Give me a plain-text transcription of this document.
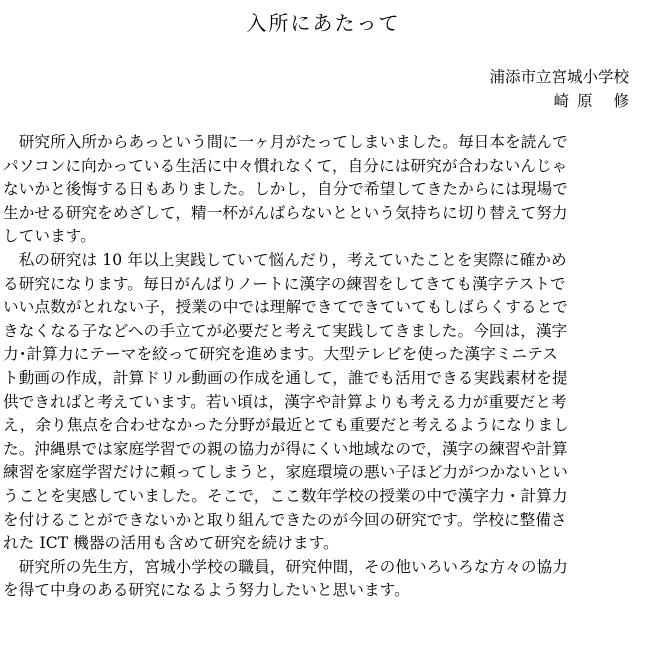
入所にあたって
浦添市立宮城小学校
崎原 修
　研究所入所からあっという間に一ヶ月がたってしまいました。毎日本を読んで
パソコンに向かっている生活に中々慣れなくて，自分には研究が合わないんじゃ
ないかと後悔する日もありました。しかし，自分で希望してきたからには現場で
生かせる研究をめざして，精一杯がんばらないとという気持ちに切り替えて努力
しています。
　私の研究は 10 年以上実践していて悩んだり，考えていたことを実際に確かめ
る研究になります。毎日がんばりノートに漢字の練習をしてきても漢字テストで
いい点数がとれない子，授業の中では理解できてできていてもしばらくするとで
きなくなる子などへの手立てが必要だと考えて実践してきました。今回は，漢字
力･計算力にテーマを絞って研究を進めます。大型テレビを使った漢字ミニテス
ト動画の作成，計算ドリル動画の作成を通して，誰でも活用できる実践素材を提
供できればと考えています。若い頃は，漢字や計算よりも考える力が重要だと考
え，余り焦点を合わせなかった分野が最近とても重要だと考えるようになりまし
た。沖縄県では家庭学習での親の協力が得にくい地域なので，漢字の練習や計算
練習を家庭学習だけに頼ってしまうと，家庭環境の悪い子ほど力がつかないとい
うことを実感していました。そこで，ここ数年学校の授業の中で漢字力・計算力
を付けることができないかと取り組んできたのが今回の研究です。学校に整備さ
れた ICT 機器の活用も含めて研究を続けます。
　研究所の先生方，宮城小学校の職員，研究仲間，その他いろいろな方々の協力
を得て中身のある研究になるよう努力したいと思います。
